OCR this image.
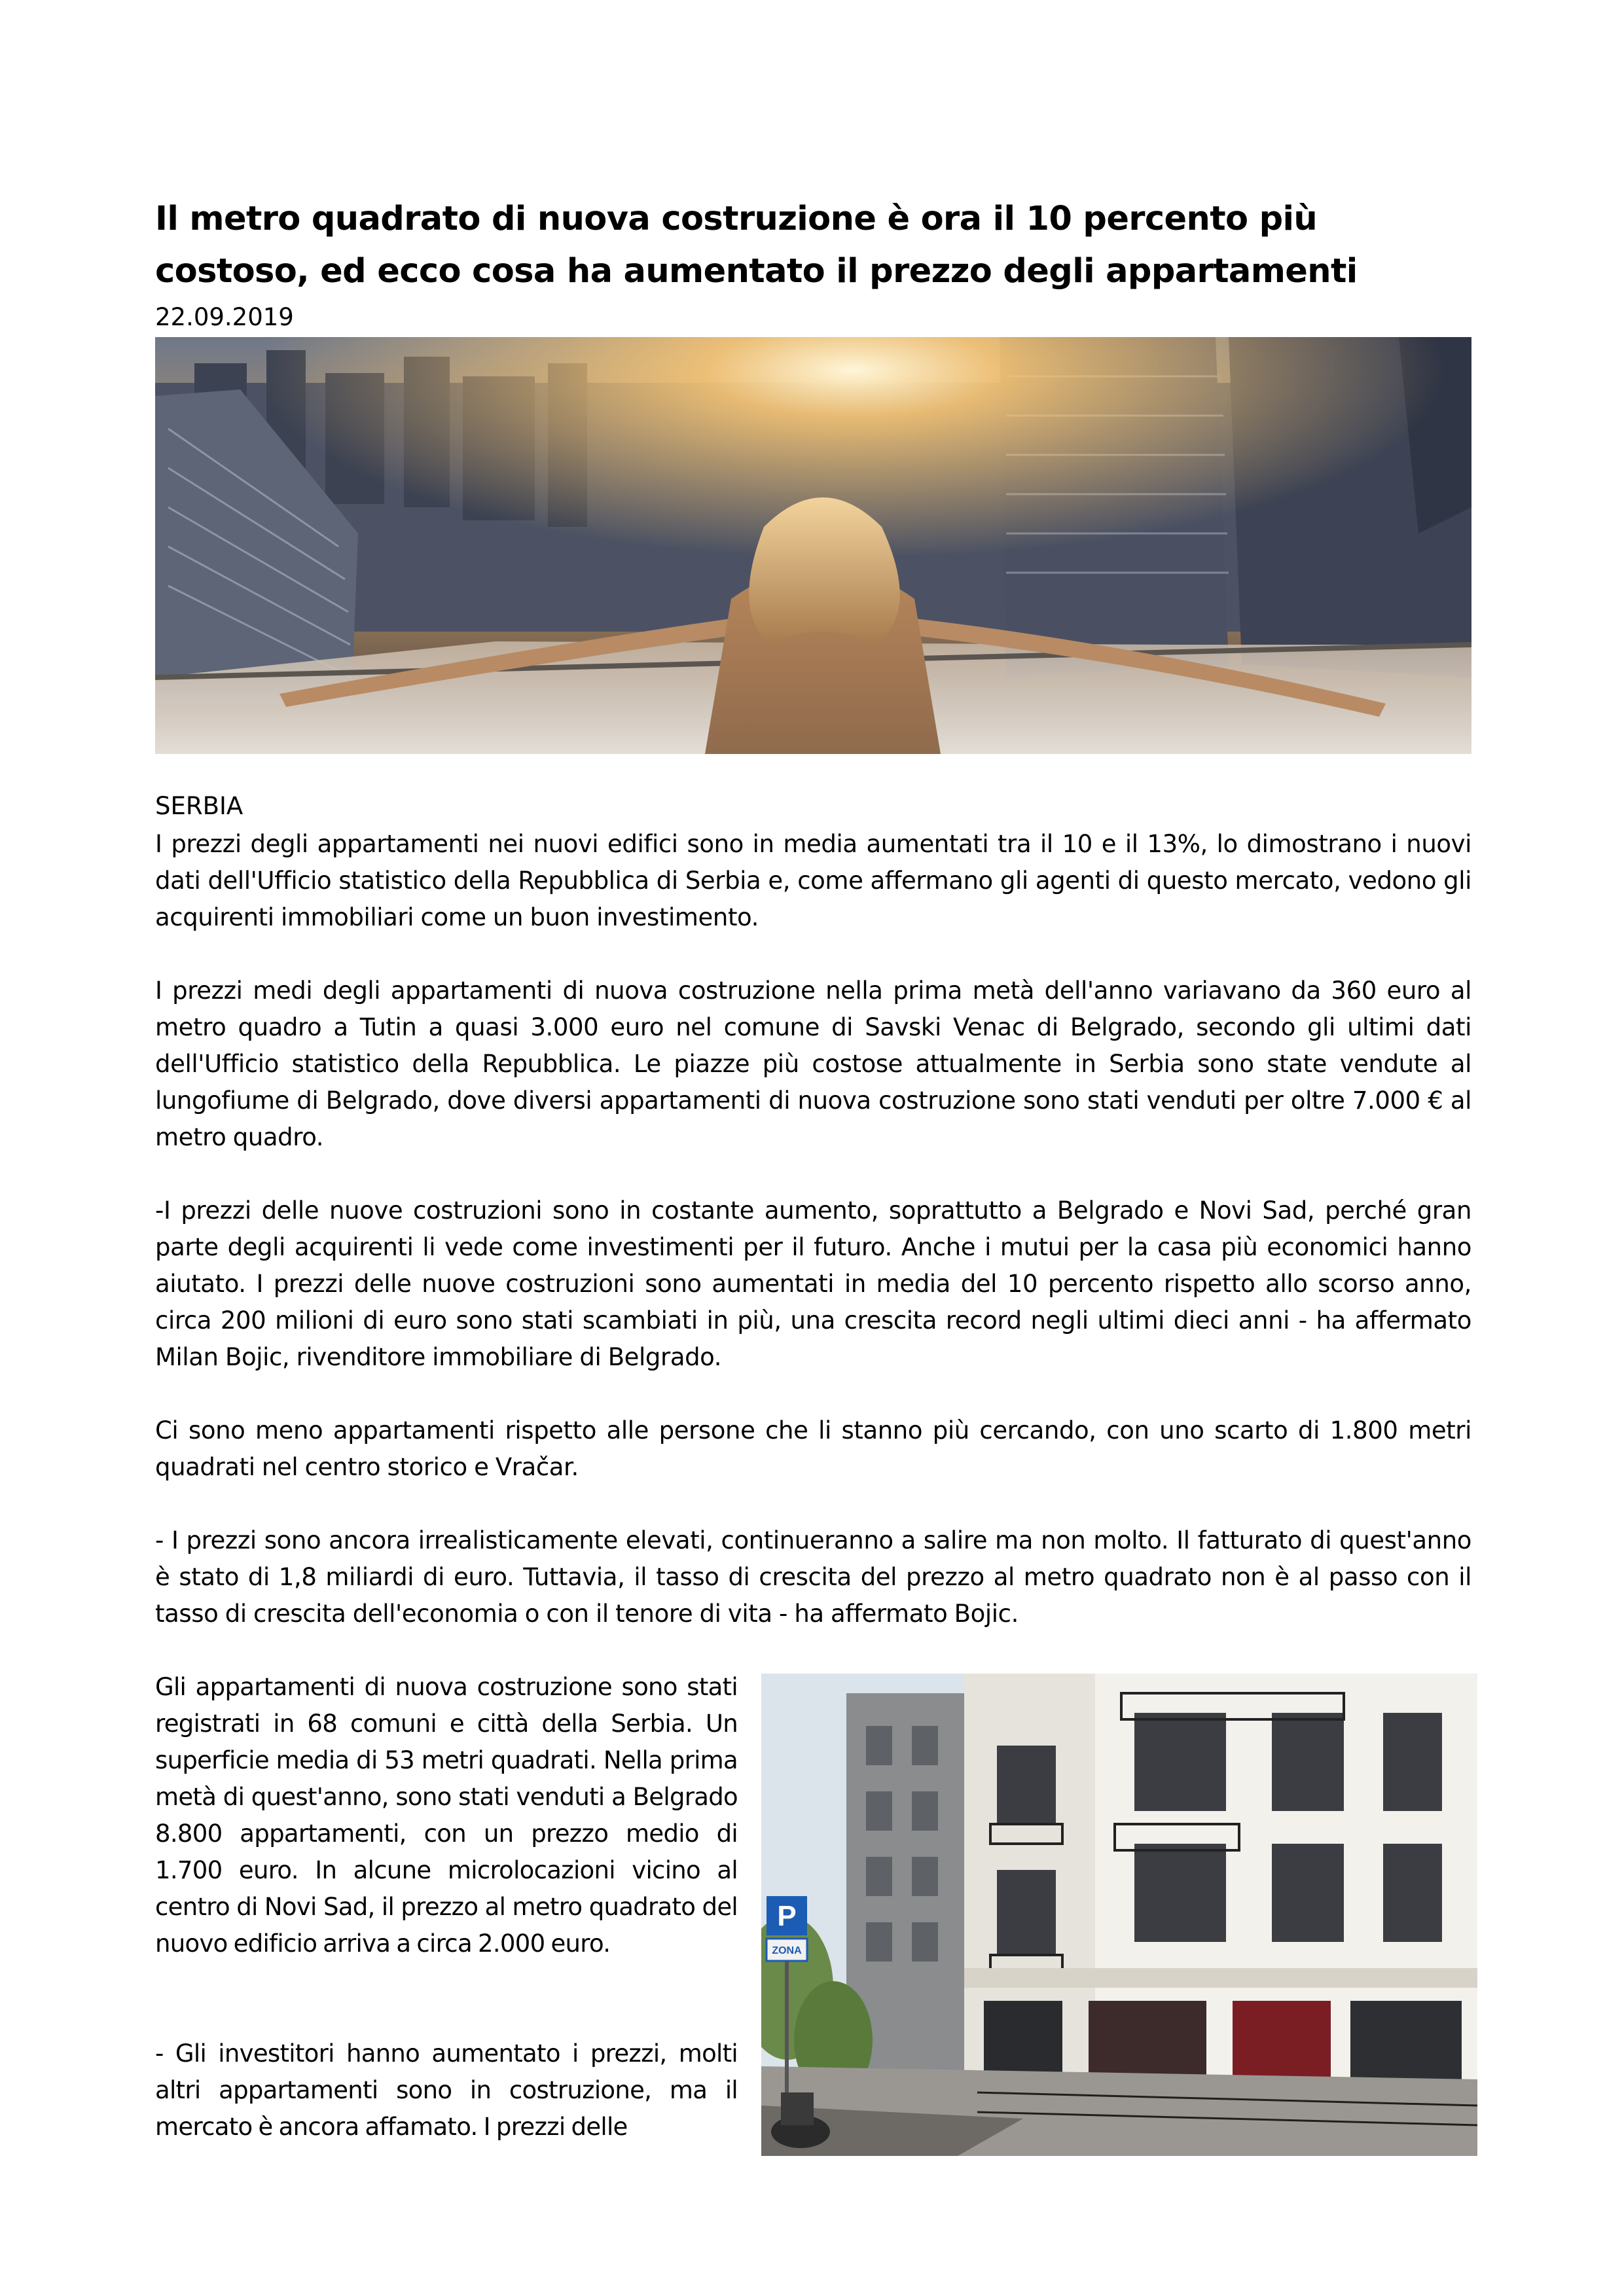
Il metro quadrato di nuova costruzione è ora il 10 percento più costoso, ed ecco cosa ha aumentato il prezzo degli appartamenti
22.09.2019
SERBIA

I prezzi degli appartamenti nei nuovi edifici sono in media aumentati tra il 10 e il 13%, lo dimostrano i nuovi dati dell'Ufficio statistico della Repubblica di Serbia e, come affermano gli agenti di questo mercato, vedono gli acquirenti immobiliari come un buon investimento.

I prezzi medi degli appartamenti di nuova costruzione nella prima metà dell'anno variavano da 360 euro al metro quadro a Tutin a quasi 3.000 euro nel comune di Savski Venac di Belgrado, secondo gli ultimi dati dell'Ufficio statistico della Repubblica. Le piazze più costose attualmente in Serbia sono state vendute al lungofiume di Belgrado, dove diversi appartamenti di nuova costruzione sono stati venduti per oltre 7.000 € al metro quadro.

-I prezzi delle nuove costruzioni sono in costante aumento, soprattutto a Belgrado e Novi Sad, perché gran parte degli acquirenti li vede come investimenti per il futuro. Anche i mutui per la casa più economici hanno aiutato. I prezzi delle nuove costruzioni sono aumentati in media del 10 percento rispetto allo scorso anno, circa 200 milioni di euro sono stati scambiati in più, una crescita record negli ultimi dieci anni - ha affermato Milan Bojic, rivenditore immobiliare di Belgrado.

Ci sono meno appartamenti rispetto alle persone che li stanno più cercando, con uno scarto di 1.800 metri quadrati nel centro storico e Vračar.

- I prezzi sono ancora irrealisticamente elevati, continueranno a salire ma non molto. Il fatturato di quest'anno è stato di 1,8 miliardi di euro. Tuttavia, il tasso di crescita del prezzo al metro quadrato non è al passo con il tasso di crescita dell'economia o con il tenore di vita - ha affermato Bojic.

Gli appartamenti di nuova costruzione sono stati registrati in 68 comuni e città della Serbia. Un superficie media di 53 metri quadrati. Nella prima metà di quest'anno, sono stati venduti a Belgrado 8.800 appartamenti, con un prezzo medio di 1.700 euro. In alcune microlocazioni vicino al centro di Novi Sad, il prezzo al metro quadrato del nuovo edificio arriva a circa 2.000 euro.

- Gli investitori hanno aumentato i prezzi, molti altri appartamenti sono in costruzione, ma il mercato è ancora affamato. I prezzi delle

P
ZONA
